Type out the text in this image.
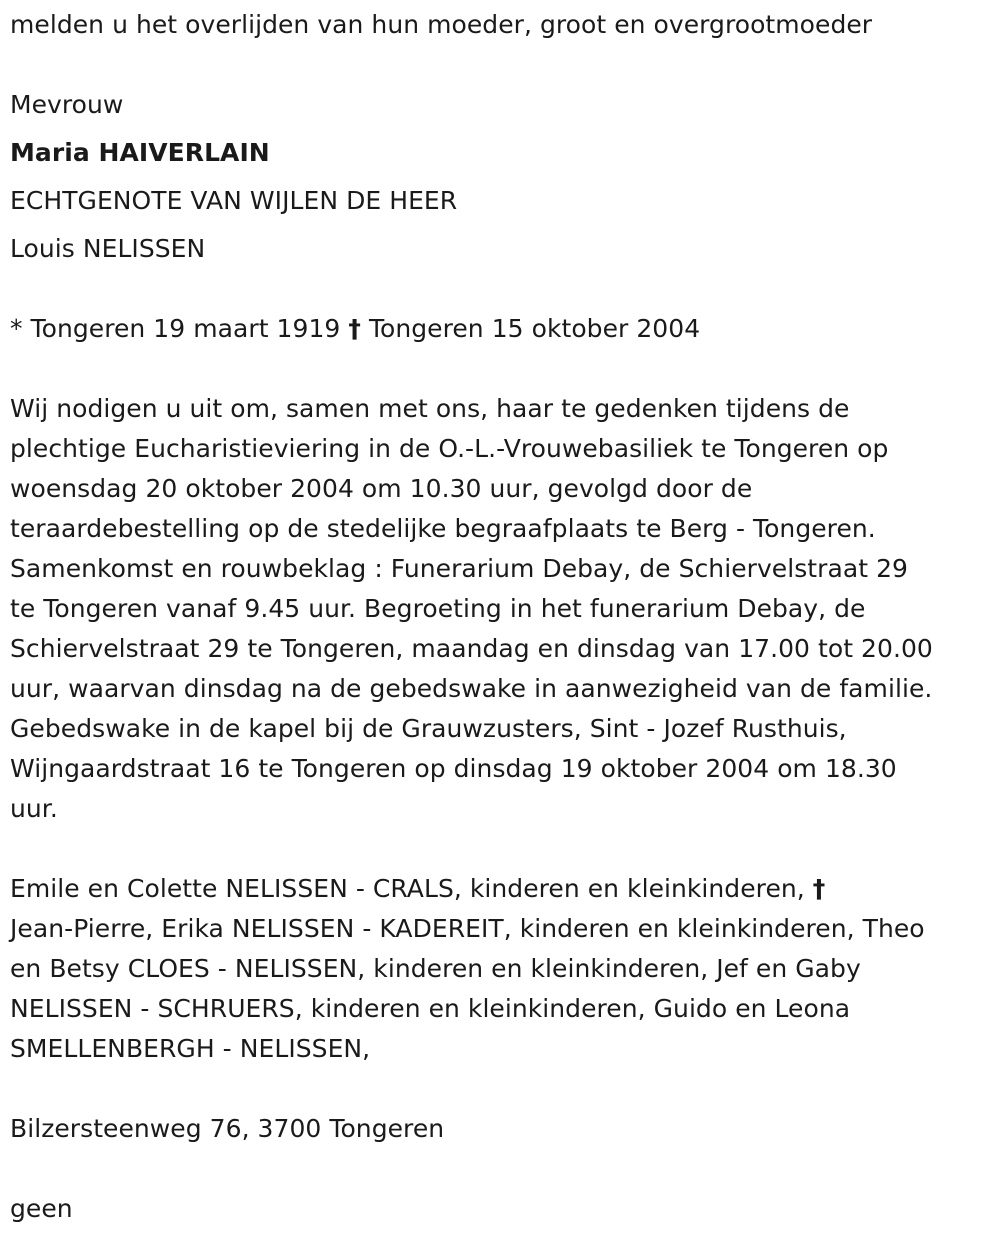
melden u het overlijden van hun moeder, groot en overgrootmoeder
Mevrouw
Maria HAIVERLAIN
ECHTGENOTE VAN WIJLEN DE HEER
Louis NELISSEN
* Tongeren 19 maart 1919 † Tongeren 15 oktober 2004
Wij nodigen u uit om, samen met ons, haar te gedenken tijdens de
plechtige Eucharistieviering in de O.-L.-Vrouwebasiliek te Tongeren op
woensdag 20 oktober 2004 om 10.30 uur, gevolgd door de
teraardebestelling op de stedelijke begraafplaats te Berg - Tongeren.
Samenkomst en rouwbeklag : Funerarium Debay, de Schiervelstraat 29
te Tongeren vanaf 9.45 uur. Begroeting in het funerarium Debay, de
Schiervelstraat 29 te Tongeren, maandag en dinsdag van 17.00 tot 20.00
uur, waarvan dinsdag na de gebedswake in aanwezigheid van de familie.
Gebedswake in de kapel bij de Grauwzusters, Sint - Jozef Rusthuis,
Wijngaardstraat 16 te Tongeren op dinsdag 19 oktober 2004 om 18.30
uur.
Emile en Colette NELISSEN - CRALS, kinderen en kleinkinderen, †
Jean-Pierre, Erika NELISSEN - KADEREIT, kinderen en kleinkinderen, Theo
en Betsy CLOES - NELISSEN, kinderen en kleinkinderen, Jef en Gaby
NELISSEN - SCHRUERS, kinderen en kleinkinderen, Guido en Leona
SMELLENBERGH - NELISSEN,
Bilzersteenweg 76, 3700 Tongeren
geen
